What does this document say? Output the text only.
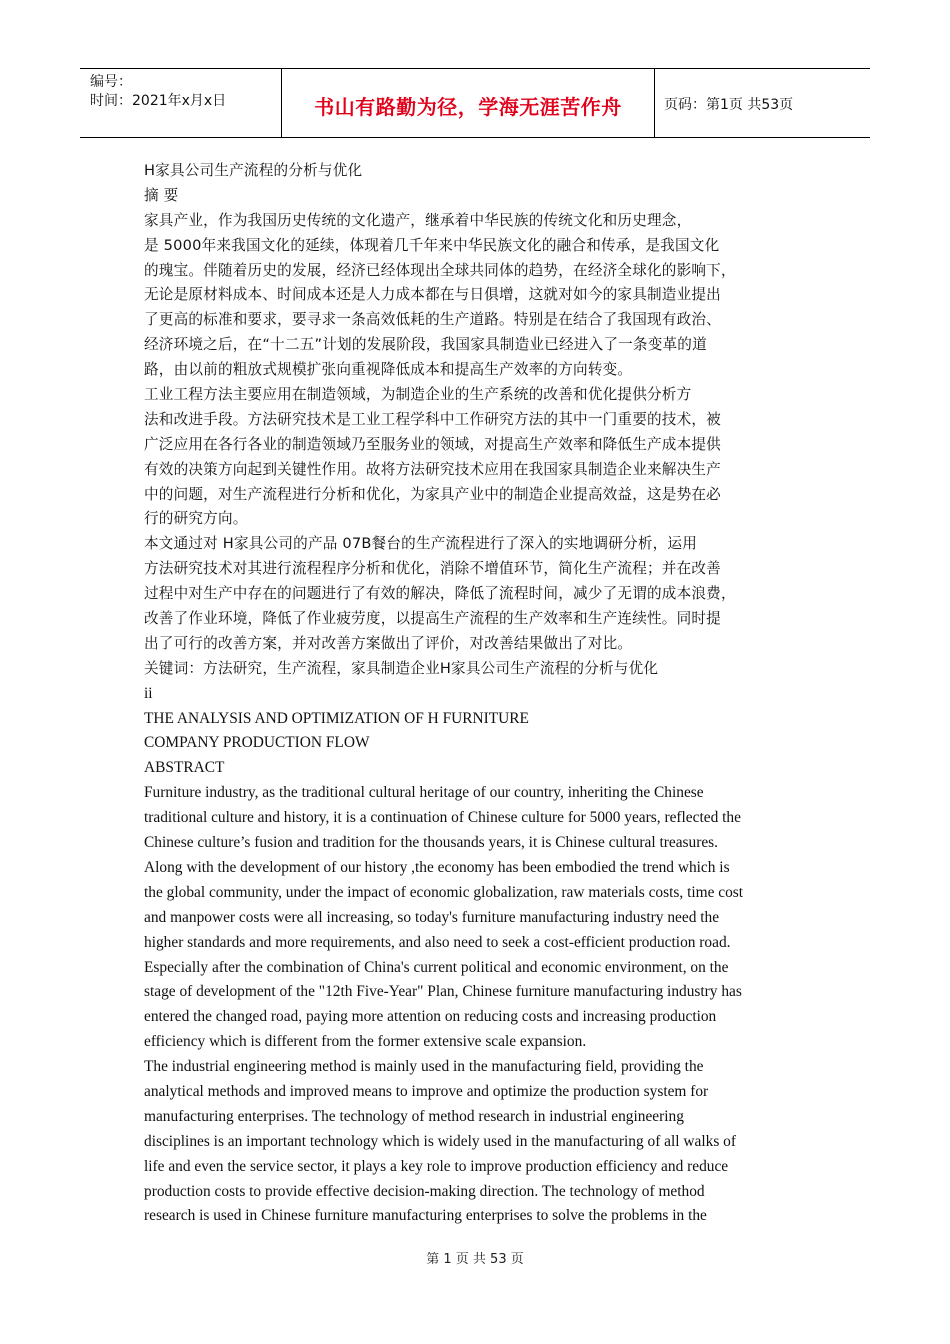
编号：
时间：2021年x月x日	书山有路勤为径，学海无涯苦作舟	页码：第1页 共53页
H家具公司生产流程的分析与优化
摘 要
家具产业，作为我国历史传统的文化遗产，继承着中华民族的传统文化和历史理念，
是 5000年来我国文化的延续，体现着几千年来中华民族文化的融合和传承，是我国文化
的瑰宝。伴随着历史的发展，经济已经体现出全球共同体的趋势，在经济全球化的影响下，
无论是原材料成本、时间成本还是人力成本都在与日俱增，这就对如今的家具制造业提出
了更高的标准和要求，要寻求一条高效低耗的生产道路。特别是在结合了我国现有政治、
经济环境之后，在“十二五”计划的发展阶段，我国家具制造业已经进入了一条变革的道
路，由以前的粗放式规模扩张向重视降低成本和提高生产效率的方向转变。
工业工程方法主要应用在制造领域，为制造企业的生产系统的改善和优化提供分析方
法和改进手段。方法研究技术是工业工程学科中工作研究方法的其中一门重要的技术，被
广泛应用在各行各业的制造领域乃至服务业的领域，对提高生产效率和降低生产成本提供
有效的决策方向起到关键性作用。故将方法研究技术应用在我国家具制造企业来解决生产
中的问题，对生产流程进行分析和优化，为家具产业中的制造企业提高效益，这是势在必
行的研究方向。
本文通过对 H家具公司的产品 07B餐台的生产流程进行了深入的实地调研分析，运用
方法研究技术对其进行流程程序分析和优化，消除不增值环节，简化生产流程；并在改善
过程中对生产中存在的问题进行了有效的解决，降低了流程时间，减少了无谓的成本浪费，
改善了作业环境，降低了作业疲劳度，以提高生产流程的生产效率和生产连续性。同时提
出了可行的改善方案，并对改善方案做出了评价，对改善结果做出了对比。
关键词：方法研究，生产流程，家具制造企业H家具公司生产流程的分析与优化
ii
THE ANALYSIS AND OPTIMIZATION OF H FURNITURE
COMPANY PRODUCTION FLOW
ABSTRACT
Furniture industry, as the traditional cultural heritage of our country, inheriting the Chinese
traditional culture and history, it is a continuation of Chinese culture for 5000 years, reflected the
Chinese culture’s fusion and tradition for the thousands years, it is Chinese cultural treasures.
Along with the development of our history ,the economy has been embodied the trend which is
the global community, under the impact of economic globalization, raw materials costs, time cost
and manpower costs were all increasing, so today's furniture manufacturing industry need the
higher standards and more requirements, and also need to seek a cost-efficient production road.
Especially after the combination of China's current political and economic environment, on the
stage of development of the "12th Five-Year" Plan, Chinese furniture manufacturing industry has
entered the changed road, paying more attention on reducing costs and increasing production
efficiency which is different from the former extensive scale expansion.
The industrial engineering method is mainly used in the manufacturing field, providing the
analytical methods and improved means to improve and optimize the production system for
manufacturing enterprises. The technology of method research in industrial engineering
disciplines is an important technology which is widely used in the manufacturing of all walks of
life and even the service sector, it plays a key role to improve production efficiency and reduce
production costs to provide effective decision-making direction. The technology of method
research is used in Chinese furniture manufacturing enterprises to solve the problems in the
第 1 页 共 53 页
